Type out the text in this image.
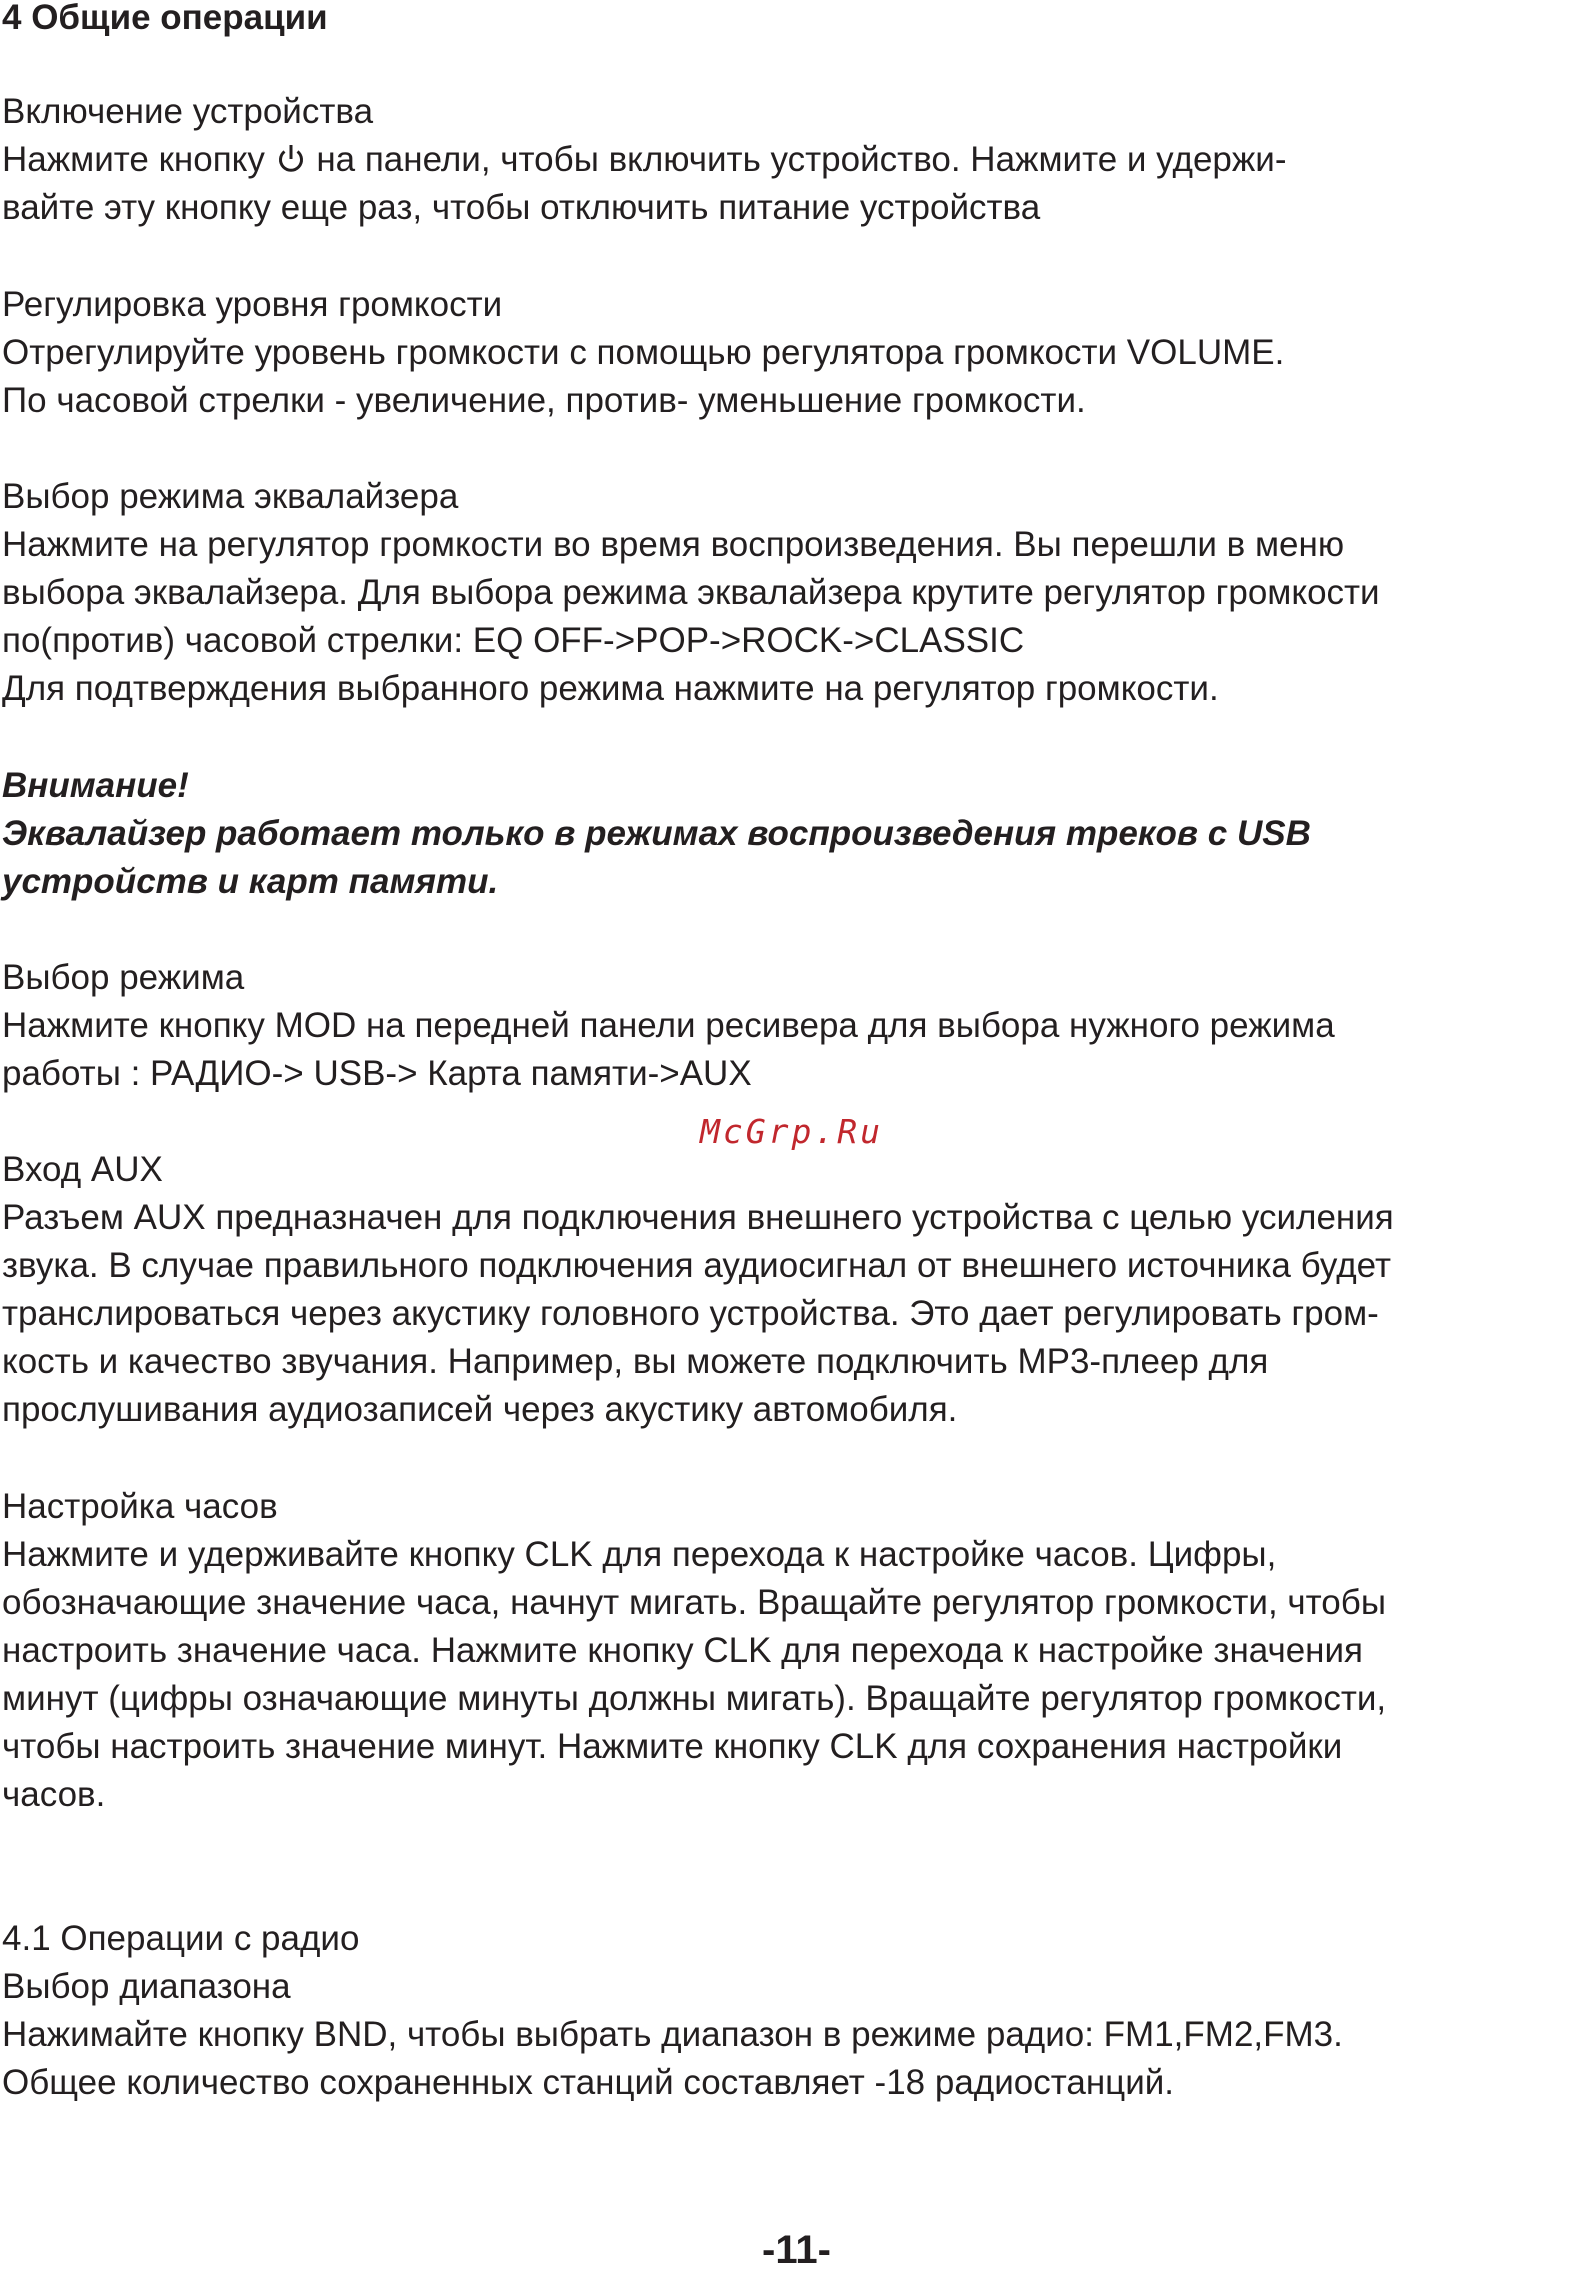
4 Общие операции
Включение устройства
Нажмите кнопку  на панели, чтобы включить устройство. Нажмите и удержи-
вайте эту кнопку еще раз, чтобы отключить питание устройства
Регулировка уровня громкости
Отрегулируйте уровень громкости с помощью регулятора громкости VOLUME.
По часовой стрелки - увеличение, против- уменьшение громкости.
Выбор режима эквалайзера
Нажмите на регулятор громкости во время воспроизведения. Вы перешли в меню
выбора эквалайзера. Для выбора режима эквалайзера крутите регулятор громкости
по(против) часовой стрелки: EQ OFF->POP->ROCK->CLASSIC
Для подтверждения выбранного режима нажмите на регулятор громкости.
Внимание!
Эквалайзер работает только в режимах воспроизведения треков с USB
устройств и карт памяти.
Выбор режима
Нажмите кнопку MOD на передней панели ресивера для выбора нужного режима
работы : РАДИО-> USB-> Карта памяти->AUX
McGrp.Ru
Вход AUX
Разъем AUX предназначен для подключения внешнего устройства с целью усиления
звука. В случае правильного подключения аудиосигнал от внешнего источника будет
транслироваться через акустику головного устройства. Это дает регулировать гром-
кость и качество звучания. Например, вы можете подключить MP3-плеер для
прослушивания аудиозаписей через акустику автомобиля.
Настройка часов
Нажмите и удерживайте кнопку CLK для перехода к настройке часов. Цифры,
обозначающие значение часа, начнут мигать. Вращайте регулятор громкости, чтобы
настроить значение часа. Нажмите кнопку CLK для перехода к настройке значения
минут (цифры означающие минуты должны мигать). Вращайте регулятор громкости,
чтобы настроить значение минут. Нажмите кнопку CLK для сохранения настройки
часов.
4.1 Операции с радио
Выбор диапазона
Нажимайте кнопку BND, чтобы выбрать диапазон в режиме радио: FM1,FM2,FM3.
Общее количество сохраненных станций составляет -18 радиостанций.
-11-
